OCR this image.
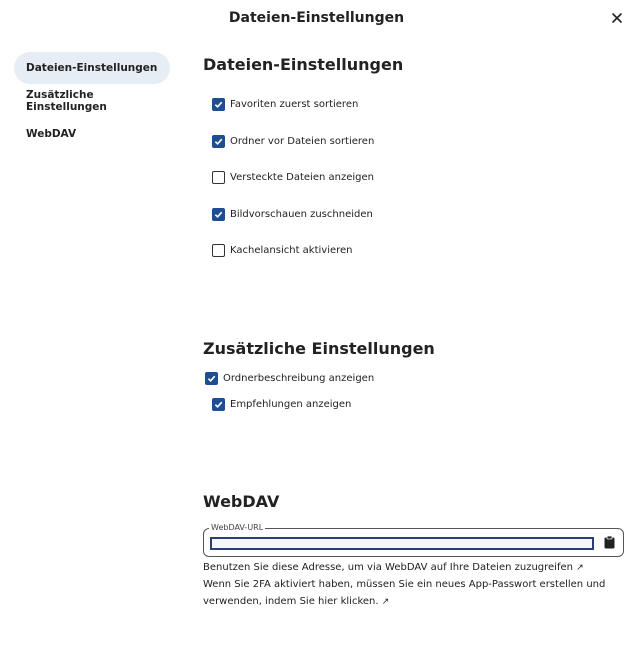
Dateien-Einstellungen
Dateien-Einstellungen
Zusätzliche Einstellungen
WebDAV
Dateien-Einstellungen
Favoriten zuerst sortieren
Ordner vor Dateien sortieren
Versteckte Dateien anzeigen
Bildvorschauen zuschneiden
Kachelansicht aktivieren
Zusätzliche Einstellungen
Ordnerbeschreibung anzeigen
Empfehlungen anzeigen
WebDAV
WebDAV-URL
Benutzen Sie diese Adresse, um via WebDAV auf Ihre Dateien zuzugreifen ↗
Wenn Sie 2FA aktiviert haben, müssen Sie ein neues App-Passwort erstellen und
verwenden, indem Sie hier klicken. ↗
